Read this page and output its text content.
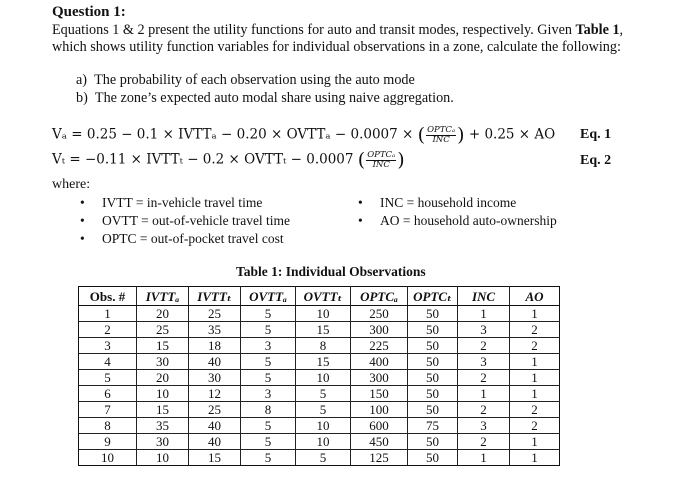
Question 1:
Equations 1 & 2 present the utility functions for auto and transit modes, respectively. Given Table 1, which shows utility function variables for individual observations in a zone, calculate the following:
a)  The probability of each observation using the auto mode
b)  The zone’s expected auto modal share using naive aggregation.
Vₐ = 0.25 − 0.1 × IVTTₐ − 0.20 × OVTTₐ − 0.0007 × ( $\frac{\text{OPTCₐ}}{\text{INC}}$ ) + 0.25 × AO Eq. 1
Vₜ = −0.11 × IVTTₜ − 0.2 × OVTTₜ − 0.0007 ( $\frac{\text{OPTCₐ}}{\text{INC}}$ )	Eq. 2
where:
• IVTT = in-vehicle travel time
• OVTT = out-of-vehicle travel time
• OPTC = out-of-pocket travel cost
• INC = household income
• AO = household auto-ownership
Table 1: Individual Observations
Obs. #	IVTTₐ	IVTTₜ	OVTTₐ	OVTTₜ	OPTCₐ	OPTCₜ	INC	AO
1	20	25	5	10	250	50	1	1
2	25	35	5	15	300	50	3	2
3	15	18	3	8	225	50	2	2
4	30	40	5	15	400	50	3	1
5	20	30	5	10	300	50	2	1
6	10	12	3	5	150	50	1	1
7	15	25	8	5	100	50	2	2
8	35	40	5	10	600	75	3	2
9	30	40	5	10	450	50	2	1
10	10	15	5	5	125	50	1	1
